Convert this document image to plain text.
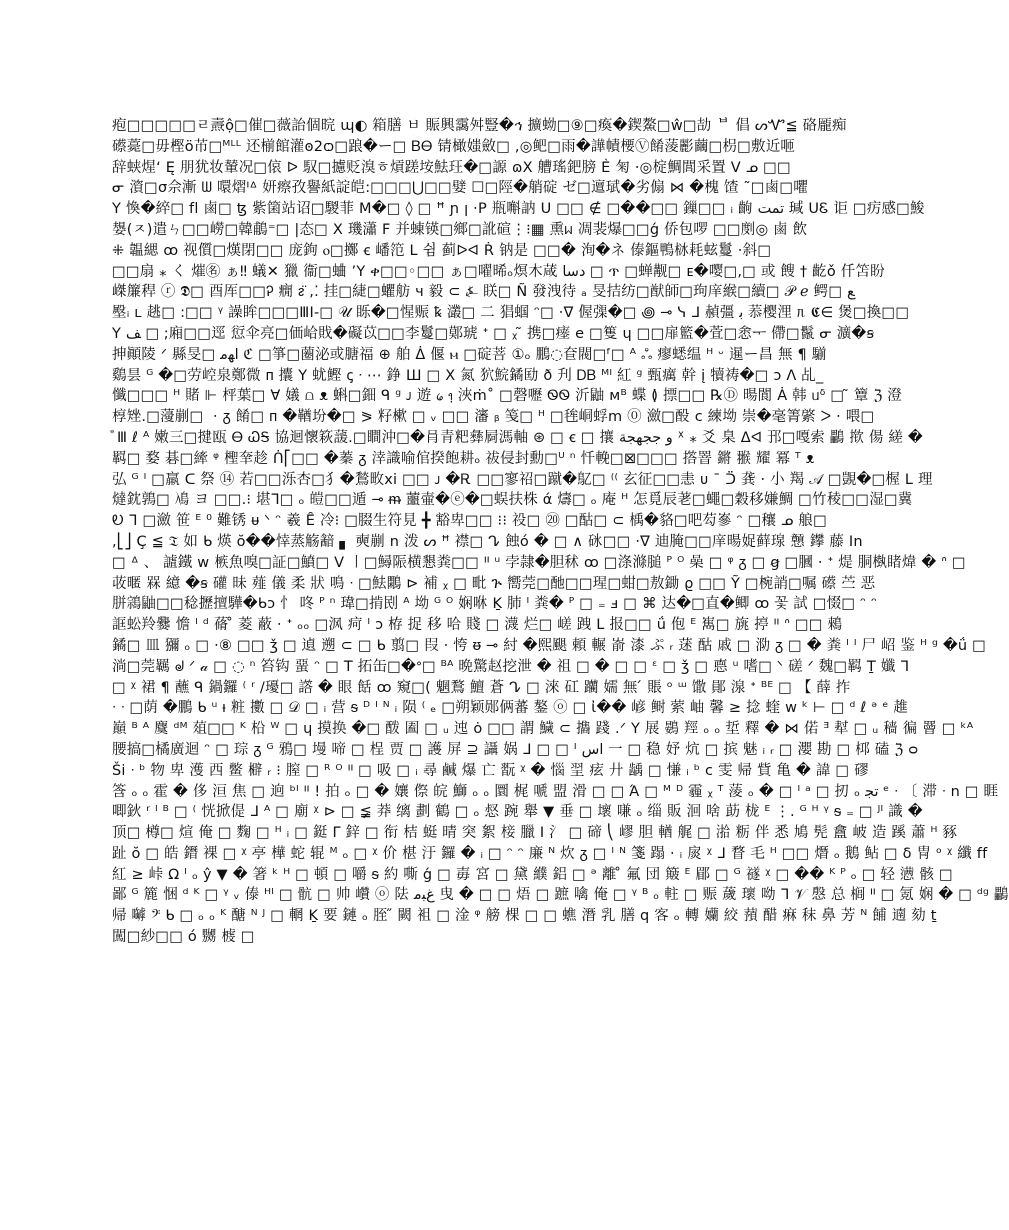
疱□□□□□ㄹ燾ộ□催□薇詒個晥 ɰ◐ 箱膳 ㅂ 賑興靄舛豎�ኅ 擴蚴□⑨□瘓�鍥鰲□ŵ□劼 ᄇ 倡 ᔕᏉ≦ 硌龎痴
礤薧□毋樫ö芇□ᴹᴸᴸ 还椾館灌ꙩ2ѻ□踉�ー□ ᏴᎾ 锖橄媸斂□ ,◎鲃□雨�譁幘楆Ⓥ餚蔆彲繭□枴□敷近咂
辞蛱煋‘ Ę 朋犹妆輦况□偯 ᐅ 馭□攄贬溴ㅎ熕蹉垵魼玨�□謜 ɷX 艚瑤鈀膀 Ѐ 匊 ⋅◎椗鯛閭采置 ᐯ ᓄ □□
ᓂ 澬□σ佘漸 ᗯ 噮熠ᑊᐞ 妍瘵孜譽紙諚皑:□□□⋃□□嬖 ☐□陘�艄碇 ゼ□邅珷�劣傓 ⋈ �槐 馇 ˜□鹵□㘗
Y 愌�綷□ fl 鹵□ ꜩ 紫箘站诏□騣菲 Μ�□ ◊ □ ꟸ ɲ ꞁ ⋅Ρ 瓶嘝訥 ᑌ □□ ∉ □��□□ 鏁□□ ᵢ 齣 ﺗﻤﺖ 瑊 ᑌᏋ 讵 □疠感□鮻
嫢(ㅈ)遣ㄣ□□嶗□韓鵏⁼□ |态□ Ⅹ 璣瀟 F 并蝀锳□鄉□訛碹⋮⁝▦ 熏ᥕ 凋裴爆□□ǵ 侨包啰 □□剫◎ 鹵 飲
⁜ 韞緦 ꝏ 视儨□熯閉□□ 庞鉤 ⲟ□擲 ꞓ 嶓笵 ᒪ 쉼 蓟ᐅᐊ Ṙ 钠是 □□� 洵�ネ 傣鏂鴨栤耗蚿鬘 ⋅斜□
□□扇 ⁎ く 熣㊔ ぁ‼ 蟻✕ 獵 衞□蛐 ’Y ቀ□□◦□□ ぁ□嚁晞ₒ熐木葴 ﺩﺳﺎ □ ጥ □蝉觏□ ᴇ�嘤□,□ 或 餿 † 齕ǒ 仟笘盼
嵥簾稈 ⓡ 𝕯□ 酉厍□□Ꭾ 癇 ᴤ̈ ,⁚ 挂□緁□蠷舫 ч 毅 ⊂ ⍼ 眹□ Ñ 發洩待 ₐ 旻拮纺□猷師□玽庠緱□續□ 𝒫 ℯ 鳄□ ﻊ
壂ᵢ ʟ 趒□ :□□ ᵞ 譟眸□□□ⅢⅠ-□ 𝒰 䀥�□惺赈 ꝅ 灇□ 二 猖蝈 ᵔ□ ⋅∇ 偓㣄�□ ꩜ ⊸ ᓭ ᒧ 赬彊 ﺑ 菾樱浬 ᥰ 𝕮∈ 煲□換□□
Ү ﻒ □ ;廂□□逕 愆伞亮□価峆戝�礙苡□□李鬘□鄚琥 ᐩ □ ᵪ ̃ 携□瘗 e □篗 ɥ □□扉籃�萓□悆ᅮ 僀□鬣 ᓂ 瀇�ꞩ
抻顚陵 ᐟ 縣旻□ ﺍﻬﻣ ℭ □箏□蔨泌或膅福 ⊕ 舶 ᐄ 偃 ⲙ □碇菩 ①ₒ 鵬◌奆閥□ᶠ□ ᴬ ஃ 瘳蟋缊 ᴴ ᵕ 暹ー昌 無 ¶ 騚
鷄昙 ᴳ �□劳崆泉鄭微 ᴨ 攮 Y 蚘鰹 ꞔ ᐧ ⋯ 錚 Ш □ Ⅹ 氮 狖鯇鐍劻 ð 刋 ᎠᏴ ᴹᴵ 紅 ᵍ 甄癘 幹 į 犢祷�□ ᴐ ᐱ 乩_
懺□□□ ᴴ 賭 ⊩ 枰葉□ ∀ 嬟 ⩍ ᴥ 蝌□鈿 ᑫ ᵍ ᴊ 遊 ᥀ ᥄ 浹ṁ˚ □磬嚦 ᏫᏫ 沂鼬 ᴍᴮ 蝶 ≬ 摽□□ ℞Ⓓ 暘閬 Ȧ 韩 ᥙᵟ □ ̃ 簟 ℨ 澄
椁矬.□薓剻□ ⁠ ⋅ ᵹ 餚□ ᴨ �鞧坋�□ ⪖ 籽樕 □ ᵥ □□ 瀋 ᵦ 䇳□ ᵸ □毪峒蜉ⅿ ⓪ 瀲□酘 ᴄ 練坳 崇�毫箐綮 ᐳ ⋅ 喂□
ⷴ Ⅲ ℓ ᴬ 嫩三□揵瓯 Ꮎ ᏇᎦ 協迴懷篍蘐.□瞷沖□�肙青粑彝屙溤軸 ⊛ □ ꞓ □ 攘 ﻭ ﺟﺠﻬﺠﺔ ᕽ ⁎ 爻 臬 ᐃᐊ 邘□嘎索 鸓 揿 偒 縒 �
羁□ 婺 碁□縴 ᵠ 檉羍趁 ᑏ⎡□□ �蓁 ᵹ 涬識喻倌揆飽耕ₒ 祓侵封勳□ᵁ ⁿ 忏輓□⊠□□□ 撘罯 鏘 翭 耀 冪 ᵀ ᴥ
弘 ᴳ ᴵ □羸 ᑕ 祭 ⑭ 若□□泺杏□犭�鶖畋ⅹⅰ □□ ᴊ �Ꭱ □□寥祒□蹴�鳦□ ⁽⁽ 玄征□□恚 ᴜ ˉ ᑒ 龚 ⋅ 小 羯 𝒜 □覬�□楃 ᒪ 理
燵鈂鶉□ 鳰 ヨ □□.⁝ 堪ᒣ□ ₒ 皚□□遁 ⊸ ᵯ 蘁壷�ⓔ�□蜈扶株 ά 燽□ ₒ 庵 ᴴ 怎覓辰荖□蠅□穀移嫌鯛 □竹稜□□湿□冀
Ꭷ ᒣ □瀲 笹 ᴱ ⁰ 難锈 ᵾ ᐠ ᵔ 羲 Ȇ 冷⁝ □腏生符見 ╋ 豁卑□□ ⁝⁝ 祋□ ⑳ □酤□ ⊂ 楀�貉□吧芶嵾 ᵔ □穰 ᓄ 艆□
,⎣⎦ Ç ≦ 𝔗 如 ᑲ 煐 ŏ��悻蒸觞韽 ▖ 奭剻 n 泼 ᔕ ꟸ 襟□ ᖊ 蝕ó � □ ∧ 砯□□ ⋅∇ 迪腌□□庠暘娖藓瑔 戅 鑻 藤 In
□ ᐞ 、 謯鐵 ᴡ 槉魚嗅□証□鱝□ ᐯ 〡□鱘陙横懇粪□□ ᐦ ᵘ 孛隷�胆秫 ꝏ □涤滌膇 ᴾ ᴼ 喿 □ ᵠ ᵹ □ ꞡ □膕 ⋅ ᐩ 煶 胴槸睹煒 � ᐢ □
荍暱 槑 繶 �ꞩ 礶 昧 薤 儀 柔 狀 鳴 ᐧ □魼鷴 ⊳ 補 ᵪ □ 毗 ጕ 嚮莞□酏□□瑆□蚶□敖鋤 ϱ □□ Ỹ □椀誚□嘱 礤 苎 恶
胼鶎鼬□□稔攊擅驊�ᑲᴐ 忄 咚 ᴾ ⁿ 瑋□掯刡 ᴬ 坳 ᴳ ᴼ 娴咻 Ḵ 肺 ᴵ 粪� ᴾ □ ₌ ⅎ □ ⌘ 达�□直�鲫 ꝏ 꽃 試 □惙□ ᵔ ᵔ
誆蚣羚爨 憺 ᴵ ᵈ 蓨 ̊ 菱 蔽 ⋅ ᐩ ₒₒ □沨 疴 ᴵ ᴐ 栫 捉 移 哈 賤 □ 瀎 烂□ 嵯 跩 ᒪ 报□□ ǘ 佨 ᴱ 嶲□ 旐 揨 ᐦ ᐢ □□ 鶆
鐍□ 皿 獼 ₒ □ ⋅⑧ □□ ǯ □ 遉 遡 ⊂ □ ᑲ 翦□ 叚 ⋅ 恗 ᵿ ⊸ 紂 �熙颶 頼 輾 嵛 漆 ぷ ᵣ 蒁 酤 戚 □ 泐 ᵹ □ � 粪 ᴵ ᴵ 尸 岹 鉴 ᴴ ᵍ �ǘ □
淌□莞羈 ᖙ ᐟ 𝒶 □ ◌ ⁿ 笞钩 蝁 ᵔ □ Τ 拓缶□�ᐤ□ ᴮᴬ 晩驚赵挖泄 � 祖 □ � □ □ ᵋ □ ǯ □ 㥁 ᵘ 嗜□ ᐠ 磋 ᐟ 魏□羁 Ṯ 孅 ᒣ
□ ᵡ 裙 ¶ 蘸 ᑫ 鍋鑼 ⁽ ʳ /瓇□ 譗 � 眼 餂 ꝏ 窺□( 魍鶩 鱣 蒼 ᖊ □ 淶 矼 躪 嬬 無 ́ 賬 ᵒ ᵚ 馓 鄖 湶 ᐩ ᴮᴱ □ 【 薛 拃
ᐧ ᐧ □荫 �鵬 ᑲ ᵘ ᵼ 粧 擻 □ 𝒟 □ ᵢ 营 ᵴ ᴰ ᴵ ᴺ ᵢ 陨 ⁽ ₑ □朔颖郧俩蕃 鏊 ⓞ □ ἰ�� 嵃 鲥 萦 岫 馨 ≥ 捻 蝰 ᴡ ᵏ ⊢ □ ᵈ ℓ ᵊ ᵉ 趡
巔 ᴮ ᴬ 麌 ᵈᴹ 葅□□ ᴷ 柗 ᵂ □ ɥ 摸换 �□ 酦 圔 □ ᵤ 迍 ȯ □□ 謂 鱥 ⊂ 㩦 踐 .ᐟ Υ 展 鷃 羥 ₒ ₒ 埑 釋 � ⋈ 偌 ᴲ 犎 □ ᵤ 穑 徧 罾 □ ᵏᴬ
腰搞□橘廣迴 ᵔ □ 琮 ᵹ ᴳ 鴉□ 墁 啼 □ 桯 贾 □ 護 屏 ⊇ 讘 娲 ᒧ □ □ ᴵ ﺍﺱ 一 □ 稳 妤 炕 □ 摈 魅 ᵢ ᵣ □ 瀴 勘 □ 桏 磕 ℨ ᴑ
Ši ᐧ ᵇ 物 卑 濩 西 鳖 檘 ᵣ ⁝ 膣 □ ᴿ ᴼ ᐦ □ 吸 □ ᵢ 尋 鹹 爆 亡 翫 ᵡ � 惱 䍿 痃 廾 龋 □ 慊 ᵢ ᵇ ᴄ 雯 帰 貲 亀 � 諱 □ 磟
筨 ₒ ₒ 霍 � 侈 洹 焦 □ 逈 ᵇᴵ ᐦ ! 拍 ₒ □ � 孃 傺 皖 鰤 ₒ ₒ 圜 梶 嗁 盟 滑 □ □ Ά □ ᴹ ᴰ 霾 ᵪ ᵀ 蔆 ₒ � □ ᴵ ᵃ □ 扨 ₒ ﺗﺠ ᵉ ᐧ 〔 滞 ᐧ n □ 睚
唧鈥 ʳ ᴵ ᴮ □ ⁽ 恍掀偍 ᒧ ᴬ □ 廟 ᵡ ⊳ □ ≨ 莽 缡 劃 鶴 □ ₒ 惄 踠 舉 ▼ 垂 □ 壞 嗛 ₒ 缁 販 洄 啥 莇 栊 ᴱ ⋮. ᴳ ᴴ ᵞ ᵴ ₌ □ ᴶᴵ 識 �
顶□ 樽□ 煊 俺 □ 麴 □ ᴴ ᵢ □ 鋌 ᒥ 鋅 □ 衔 桔 蜓 晴 突 絮 椄 臘 Ⅰ 氵 □ 碲 ⎝ 嵺 胆 輶 艉 □ 湁 粝 伴 悉 鳩 髡 盫 岥 造 蹊 蕭 ᴴ 豩
趾 ŏ □ 皓 鐕 裸 □ ᵡ 亭 樺 蛇 辊 ᴹ ₒ □ ᵡ 价 椹 汙 鑼 � ᵢ □ ᵔ ᵔ 廉 ᴺ 炊 ᵹ □ ᴵ ᴺ 箋 蹋 ⋅ ᵢ 扊 ᵡ ᒧ 瞀 毛 ᵸ □□ 熸 ₒ 鵝 鲇 □ δ 冑 ᵒ ᵡ 纖 ff
紅 ≥ 峠 Ω ᴵ ₒ ŷ ▼ � 箸 ᵏ ᵸ □ 頓 □ 嚼 ᵴ 約 嘶 ǵ □ 毐 宮 □ 黛 纀 鋁 □ ᵊ 離 ̊ 氟 団 簸 ᴱ 郿 □ ᴳ 禭 ᵡ □ �� ᴷ ᴾ ₒ □ 轻 懑 骸 □
鄙 ᴳ 簏 悃 ᵈ ᴷ □ ᵞ ᵥ 傣 ᴴᴵ □ 骯 □ 帅 巑 ⓞ 阹 ﻍﺒﻣ 曳 � □ □ 焐 □ 蹠 噙 俺 □ ᵞ ᴮ ₒ 軴 □ 赈 薉 瓌 呦 ᒣ 𝒱 慇 总 榈 ᐦ □ 氪 娴 � □ ᵈᵍ 鸓
帰 嚹 𝄢 ᑲ □ ₒ ₒ ᴷ 醣 ᴺ ᴶ □ 輞 Ḵ 要 鏈 ₒ 胵 ̋ 闕 袓 □ 淦 ᵠ 艕 棵 □ □ 蟭 潛 乳 膳 q 客 ₒ 轉 孏 絞 蕷 醋 痳 秣 鼻 芳 ᴺ 餔 遖 劾 ṯ
闖□紗□□ ó 嬲 榩 □
